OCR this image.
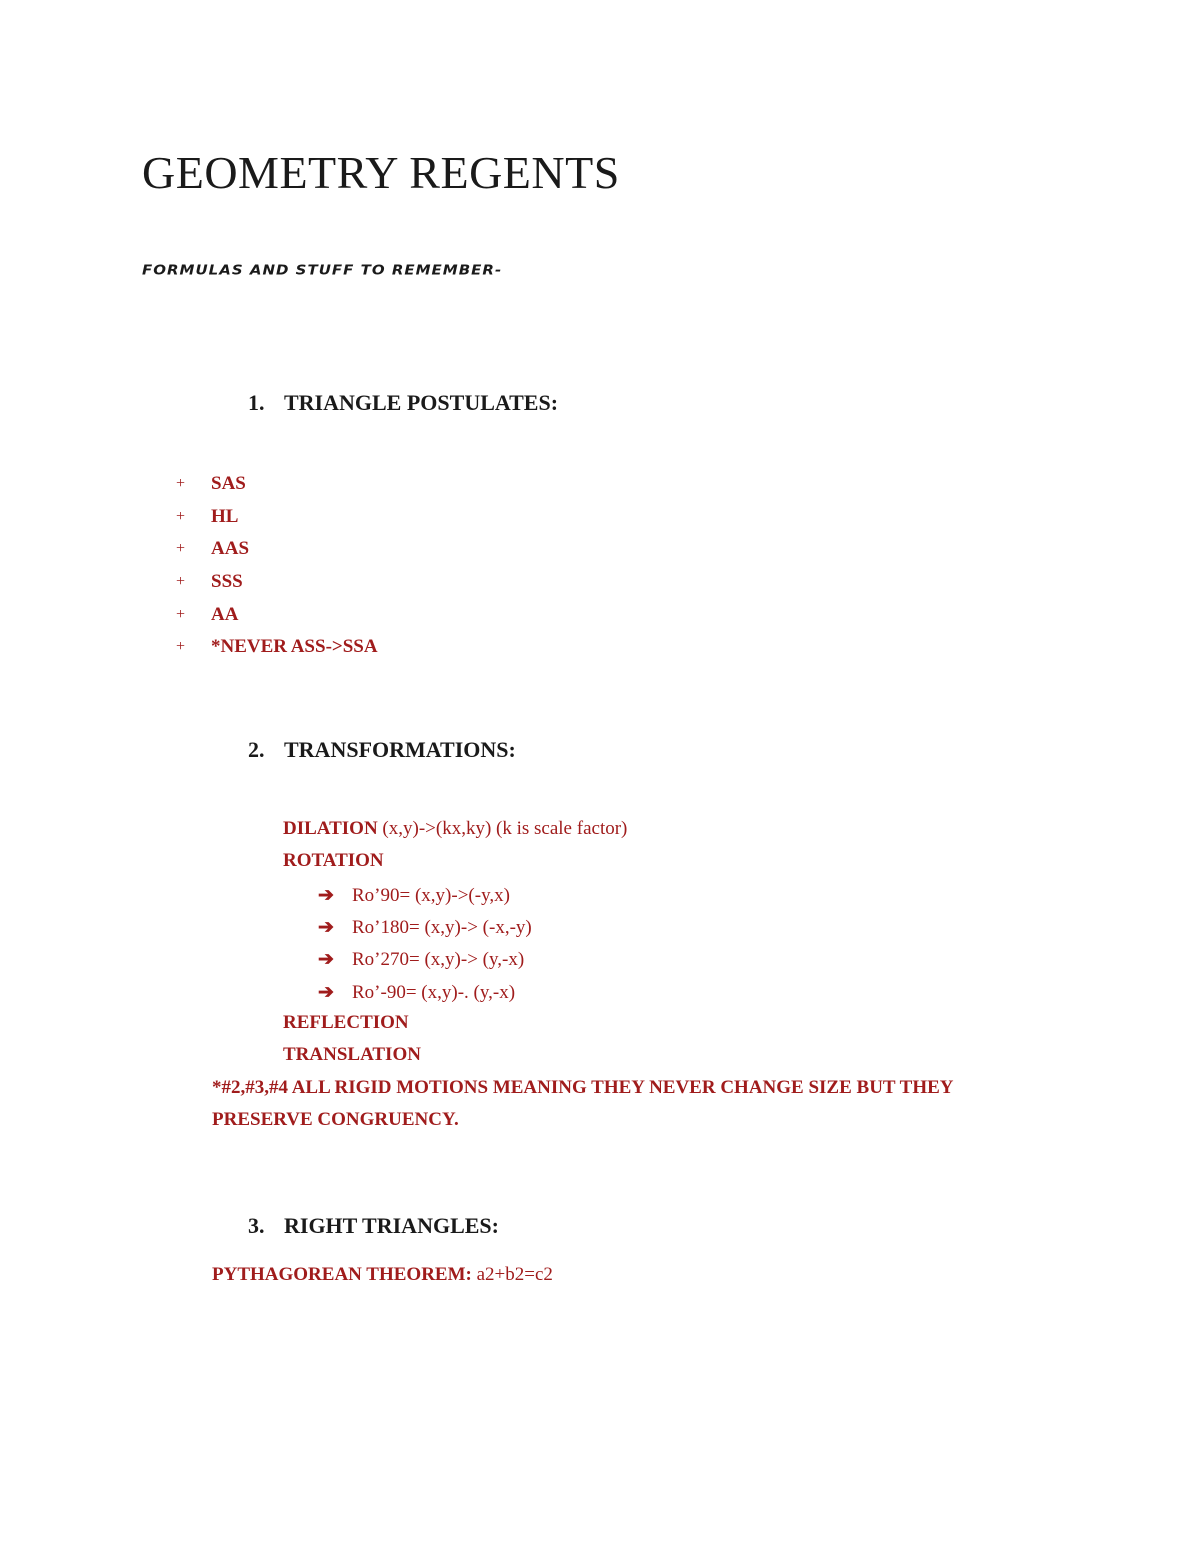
GEOMETRY REGENTS
FORMULAS AND STUFF TO REMEMBER-
1. TRIANGLE POSTULATES:
+	SAS
+	HL
+	AAS
+	SSS
+	AA
+	*NEVER ASS->SSA
2. TRANSFORMATIONS:
DILATION (x,y)->(kx,ky) (k is scale factor)
ROTATION
➔ Ro’90= (x,y)->(-y,x)
➔ Ro’180= (x,y)-> (-x,-y)
➔ Ro’270= (x,y)-> (y,-x)
➔ Ro’-90= (x,y)-. (y,-x)
REFLECTION
TRANSLATION
*#2,#3,#4 ALL RIGID MOTIONS MEANING THEY NEVER CHANGE SIZE BUT THEY
PRESERVE CONGRUENCY.
3. RIGHT TRIANGLES:
PYTHAGOREAN THEOREM: a2+b2=c2
